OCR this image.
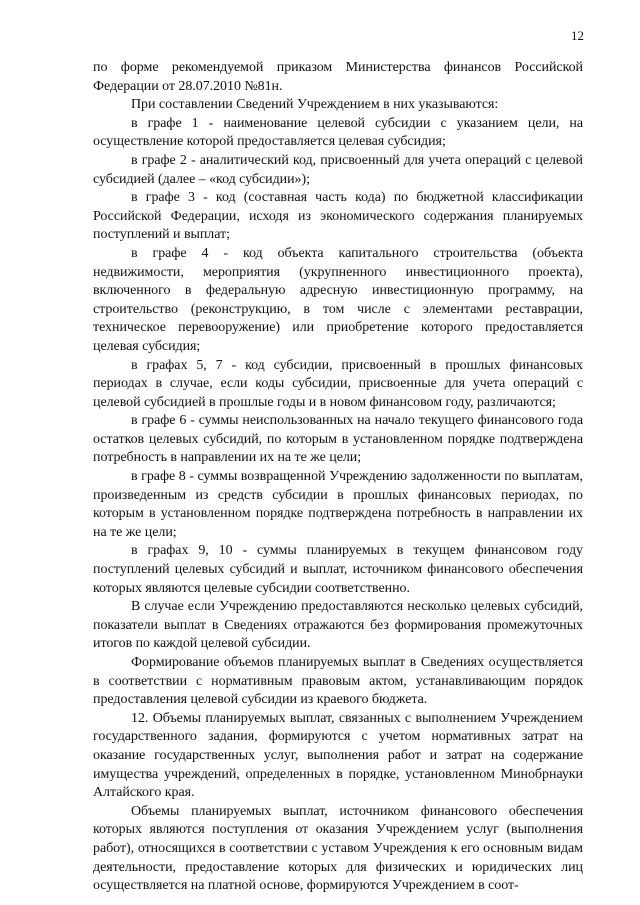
12

по форме рекомендуемой приказом Министерства финансов Российской Федерации от 28.07.2010 №81н.

При составлении Сведений Учреждением в них указываются:

в графе 1 - наименование целевой субсидии с указанием цели, на осуществление которой предоставляется целевая субсидия;

в графе 2 - аналитический код, присвоенный для учета операций с целевой субсидией (далее – «код субсидии»);

в графе 3 - код (составная часть кода) по бюджетной классификации Российской Федерации, исходя из экономического содержания планируемых поступлений и выплат;

в графе 4 - код объекта капитального строительства (объекта недвижимости, мероприятия (укрупненного инвестиционного проекта), включенного в федеральную адресную инвестиционную программу, на строительство (реконструкцию, в том числе с элементами реставрации, техническое перевооружение) или приобретение которого предоставляется целевая субсидия;

в графах 5, 7 - код субсидии, присвоенный в прошлых финансовых периодах в случае, если коды субсидии, присвоенные для учета операций с целевой субсидией в прошлые годы и в новом финансовом году, различаются;

в графе 6 - суммы неиспользованных на начало текущего финансового года остатков целевых субсидий, по которым в установленном порядке подтверждена потребность в направлении их на те же цели;

в графе 8 - суммы возвращенной Учреждению задолженности по выплатам, произведенным из средств субсидии в прошлых финансовых периодах, по которым в установленном порядке подтверждена потребность в направлении их на те же цели;

в графах 9, 10 - суммы планируемых в текущем финансовом году поступлений целевых субсидий и выплат, источником финансового обеспечения которых являются целевые субсидии соответственно.

В случае если Учреждению предоставляются несколько целевых субсидий, показатели выплат в Сведениях отражаются без формирования промежуточных итогов по каждой целевой субсидии.

Формирование объемов планируемых выплат в Сведениях осуществляется в соответствии с нормативным правовым актом, устанавливающим порядок предоставления целевой субсидии из краевого бюджета.

12. Объемы планируемых выплат, связанных с выполнением Учреждением государственного задания, формируются с учетом нормативных затрат на оказание государственных услуг, выполнения работ и затрат на содержание имущества учреждений, определенных в порядке, установленном Минобрнауки Алтайского края.

Объемы планируемых выплат, источником финансового обеспечения которых являются поступления от оказания Учреждением услуг (выполнения работ), относящихся в соответствии с уставом Учреждения к его основным видам деятельности, предоставление которых для физических и юридических лиц осуществляется на платной основе, формируются Учреждением в соот-
